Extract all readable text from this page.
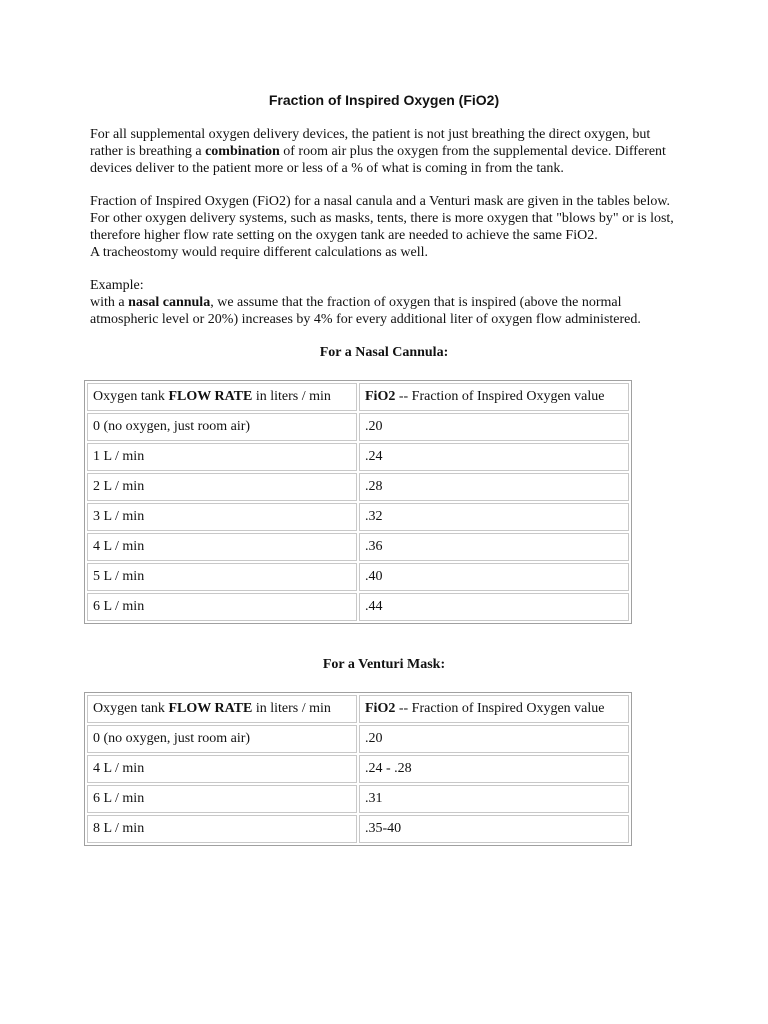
Fraction of Inspired Oxygen (FiO2)

For all supplemental oxygen delivery devices, the patient is not just breathing the direct oxygen, but
rather is breathing a combination of room air plus the oxygen from the supplemental device. Different
devices deliver to the patient more or less of a % of what is coming in from the tank.

Fraction of Inspired Oxygen (FiO2) for a nasal canula and a Venturi mask are given in the tables below.
For other oxygen delivery systems, such as masks, tents, there is more oxygen that "blows by" or is lost,
therefore higher flow rate setting on the oxygen tank are needed to achieve the same FiO2.
A tracheostomy would require different calculations as well.

Example:
with a nasal cannula, we assume that the fraction of oxygen that is inspired (above the normal
atmospheric level or 20%) increases by 4% for every additional liter of oxygen flow administered.

For a Nasal Cannula:

Oxygen tank FLOW RATE in liters / min	FiO2 -- Fraction of Inspired Oxygen value
0 (no oxygen, just room air)	.20
1 L / min	.24
2 L / min	.28
3 L / min	.32
4 L / min	.36
5 L / min	.40
6 L / min	.44

For a Venturi Mask:

Oxygen tank FLOW RATE in liters / min	FiO2 -- Fraction of Inspired Oxygen value
0 (no oxygen, just room air)	.20
4 L / min	.24 - .28
6 L / min	.31
8 L / min	.35-40
